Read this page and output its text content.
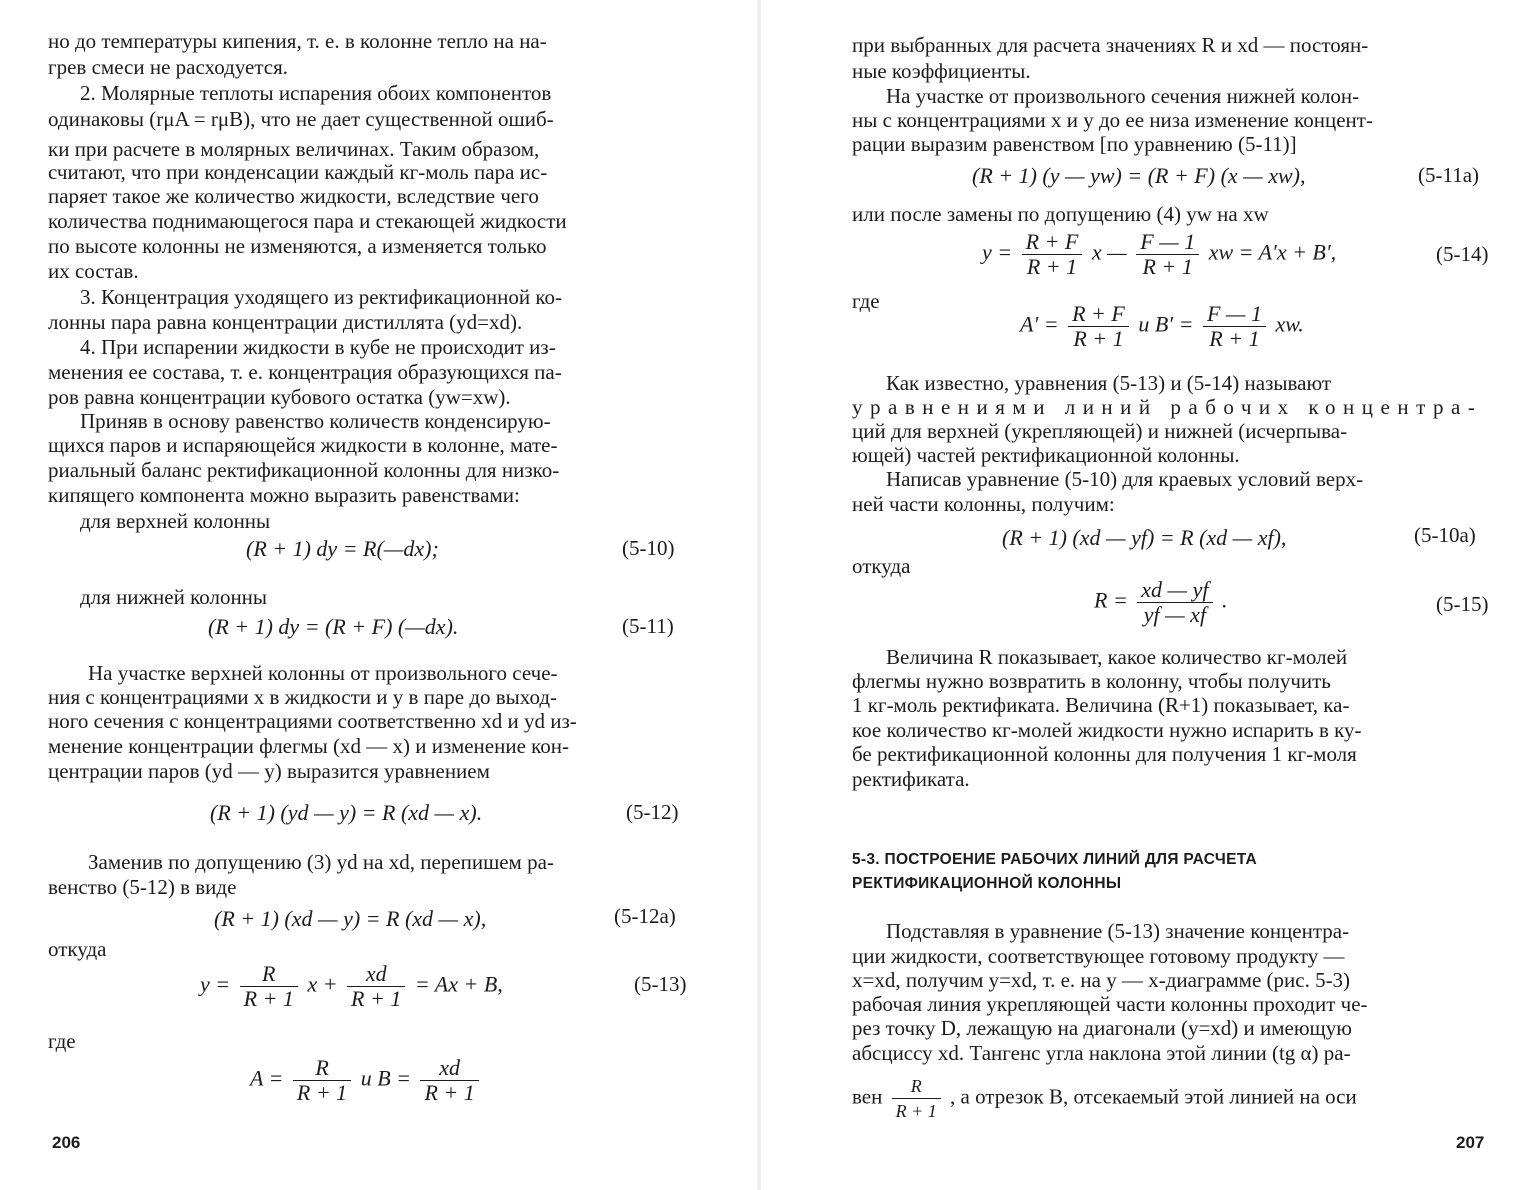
но до температуры кипения, т. е. в колонне тепло на на-
грев смеси не расходуется.
2. Молярные теплоты испарения обоих компонентов
одинаковы (rμA = rμB), что не дает существенной ошиб-
ки при расчете в молярных величинах. Таким образом,
считают, что при конденсации каждый кг-моль пара ис-
паряет такое же количество жидкости, вследствие чего
количества поднимающегося пара и стекающей жидкости
по высоте колонны не изменяются, а изменяется только
их состав.
3. Концентрация уходящего из ректификационной ко-
лонны пара равна концентрации дистиллята (yd=xd).
4. При испарении жидкости в кубе не происходит из-
менения ее состава, т. е. концентрация образующихся па-
ров равна концентрации кубового остатка (yw=xw).
Приняв в основу равенство количеств конденсирую-
щихся паров и испаряющейся жидкости в колонне, мате-
риальный баланс ректификационной колонны для низко-
кипящего компонента можно выразить равенствами:
для верхней колонны
(R + 1) dy = R(—dx);	(5-10)
для нижней колонны
(R + 1) dy = (R + F) (—dx).	(5-11)
На участке верхней колонны от произвольного сече-
ния с концентрациями x в жидкости и y в паре до выход-
ного сечения с концентрациями соответственно xd и yd из-
менение концентрации флегмы (xd — x) и изменение кон-
центрации паров (yd — y) выразится уравнением
(R + 1) (yd — y) = R (xd — x).	(5-12)
Заменив по допущению (3) yd на xd, перепишем ра-
венство (5-12) в виде
(R + 1) (xd — y) = R (xd — x),	(5-12a)
откуда
$y = \frac{R}{R + 1}$ $x + \frac{xd}{R + 1} = Ax + B$,	(5-13)
где
$A = \frac{R}{R + 1}$ и $B = \frac{xd}{R + 1}$
206
при выбранных для расчета значениях R и xd — постоян-
ные коэффициенты.
На участке от произвольного сечения нижней колон-
ны с концентрациями x и y до ее низа изменение концент-
рации выразим равенством [по уравнению (5-11)]
(R + 1) (y — yw) = (R + F) (x — xw),	(5-11a)
или после замены по допущению (4) yw на xw
$y = \frac{R + F}{R + 1}$ x — $\frac{F — 1}{R + 1}$ xw = A′x + B′,	(5-14)
где
$A' = \frac{R + F}{R + 1}$ и $B' = \frac{F — 1}{R + 1}$ xw.
Как известно, уравнения (5-13) и (5-14) называют
уравнениями линий рабочих концентра-
ций для верхней (укрепляющей) и нижней (исчерпыва-
ющей) частей ректификационной колонны.
Написав уравнение (5-10) для краевых условий верх-
ней части колонны, получим:
(R + 1) (xd — yf) = R (xd — xf),	(5-10a)
откуда
$R = \frac{xd — yf}{yf — xf}$ .	(5-15)
Величина R показывает, какое количество кг-молей
флегмы нужно возвратить в колонну, чтобы получить
1 кг-моль ректификата. Величина (R+1) показывает, ка-
кое количество кг-молей жидкости нужно испарить в ку-
бе ректификационной колонны для получения 1 кг-моля
ректификата.
5-3. ПОСТРОЕНИЕ РАБОЧИХ ЛИНИЙ ДЛЯ РАСЧЕТА
РЕКТИФИКАЦИОННОЙ КОЛОННЫ
Подставляя в уравнение (5-13) значение концентра-
ции жидкости, соответствующее готовому продукту —
x=xd, получим y=xd, т. е. на y — x-диаграмме (рис. 5-3)
рабочая линия укрепляющей части колонны проходит че-
рез точку D, лежащую на диагонали (y=xd) и имеющую
абсциссу xd. Тангенс угла наклона этой линии (tg α) ра-
вен $\frac{R}{R + 1}$ , а отрезок B, отсекаемый этой линией на оси
207
